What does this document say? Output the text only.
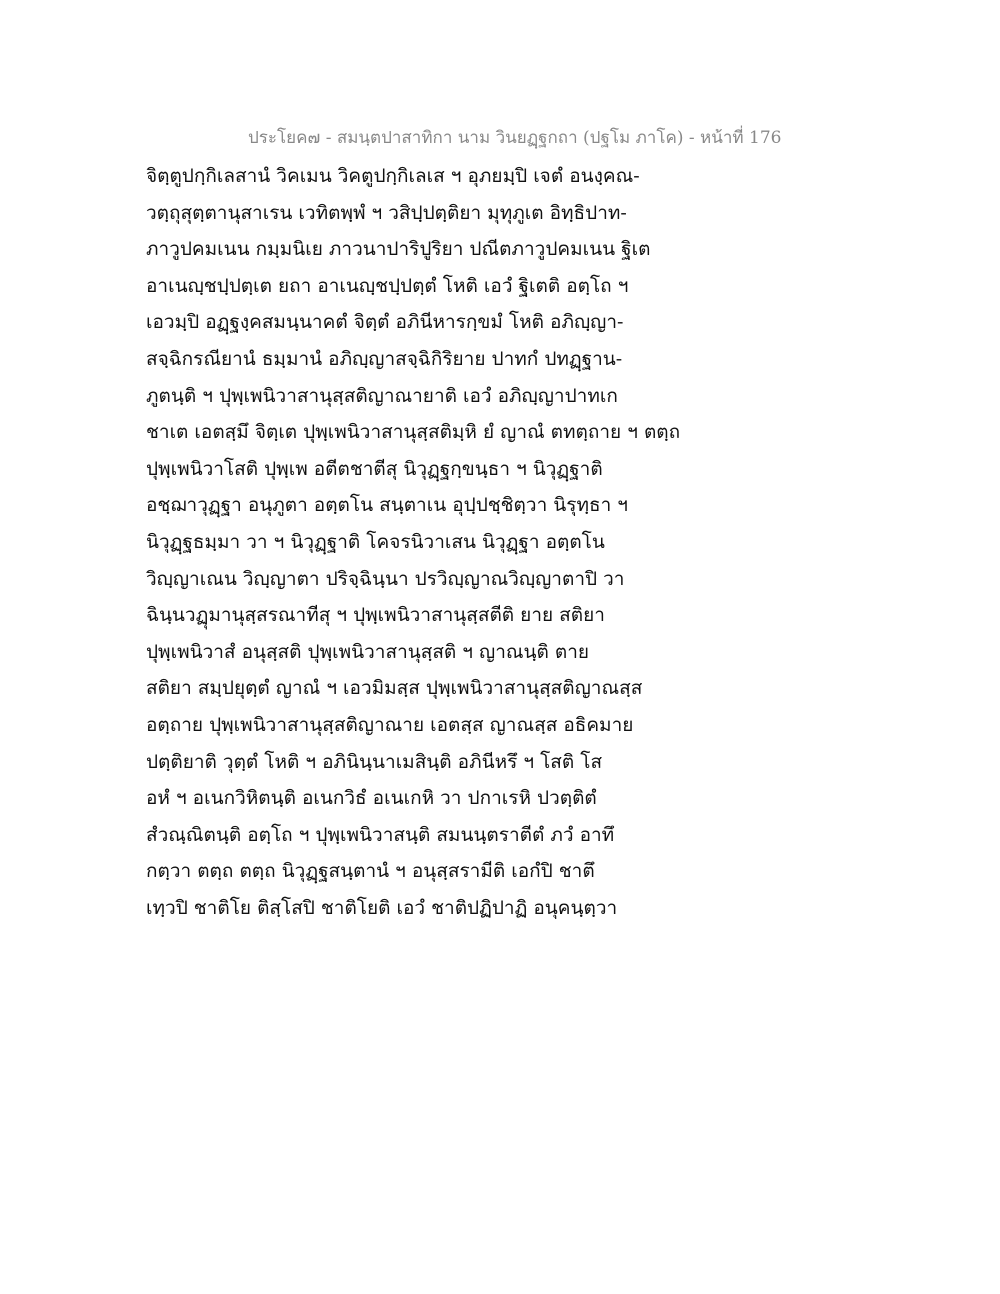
ประโยค๗ - สมนฺตปาสาทิกา นาม วินยฏฺฐกถา (ปฐโม ภาโค) - หน้าที่ 176
จิตฺตูปกฺกิเลสานํ วิคเมน วิคตูปกฺกิเลเส ฯ อุภยมฺปิ เจตํ อนงฺคณ-
วตฺถุสุตฺตานุสาเรน เวทิตพฺพํ ฯ วสิปฺปตฺติยา มุทุภูเต อิทฺธิปาท-
ภาวูปคมเนน กมฺมนิเย ภาวนาปาริปูริยา ปณีตภาวูปคมเนน ฐิเต
อาเนญฺชปฺปตฺเต ยถา อาเนญฺชปฺปตฺตํ โหติ เอวํ ฐิเตติ อตฺโถ ฯ
เอวมฺปิ อฏฺฐงฺคสมนฺนาคตํ จิตฺตํ อภินีหารกฺขมํ โหติ อภิญฺญา-
สจฺฉิกรณียานํ ธมฺมานํ อภิญฺญาสจฺฉิกิริยาย ปาทกํ ปทฏฺฐาน-
ภูตนฺติ ฯ ปุพฺเพนิวาสานุสฺสติญาณายาติ เอวํ อภิญฺญาปาทเก
ชาเต เอตสฺมึ จิตฺเต ปุพฺเพนิวาสานุสฺสติมฺหิ ยํ ญาณํ ตทตฺถาย ฯ ตตฺถ
ปุพฺเพนิวาโสติ ปุพฺเพ อตีตชาตีสุ นิวุฏฺฐกฺขนฺธา ฯ นิวุฏฺฐาติ
อชฺฌาวุฏฺฐา อนุภูตา อตฺตโน สนฺตาเน อุปฺปชฺชิตฺวา นิรุทฺธา ฯ
นิวุฏฺฐธมฺมา วา ฯ นิวุฏฺฐาติ โคจรนิวาเสน นิวุฏฺฐา อตฺตโน
วิญฺญาเณน วิญฺญาตา ปริจฺฉินฺนา ปรวิญฺญาณวิญฺญาตาปิ วา
ฉินฺนวฏุมานุสฺสรณาทีสุ ฯ ปุพฺเพนิวาสานุสฺสตีติ ยาย สติยา
ปุพฺเพนิวาสํ อนุสฺสติ ปุพฺเพนิวาสานุสฺสติ ฯ ญาณนฺติ ตาย
สติยา สมฺปยุตฺตํ ญาณํ ฯ เอวมิมสฺส ปุพฺเพนิวาสานุสฺสติญาณสฺส
อตฺถาย ปุพฺเพนิวาสานุสฺสติญาณาย เอตสฺส ญาณสฺส อธิคมาย
ปตฺติยาติ วุตฺตํ โหติ ฯ อภินินฺนาเมสินฺติ อภินีหรึ ฯ โสติ โส
อหํ ฯ อเนกวิหิตนฺติ อเนกวิธํ อเนเกหิ วา ปกาเรหิ ปวตฺติตํ
สํวณฺณิตนฺติ อตฺโถ ฯ ปุพฺเพนิวาสนฺติ สมนนฺตราตีตํ ภวํ อาทึ
กตฺวา ตตฺถ ตตฺถ นิวุฏฺฐสนฺตานํ ฯ อนุสฺสรามีติ เอกํปิ ชาตึ
เทฺวปิ ชาติโย ติสฺโสปิ ชาติโยติ เอวํ ชาติปฏิปาฏิ อนุคนฺตฺวา
